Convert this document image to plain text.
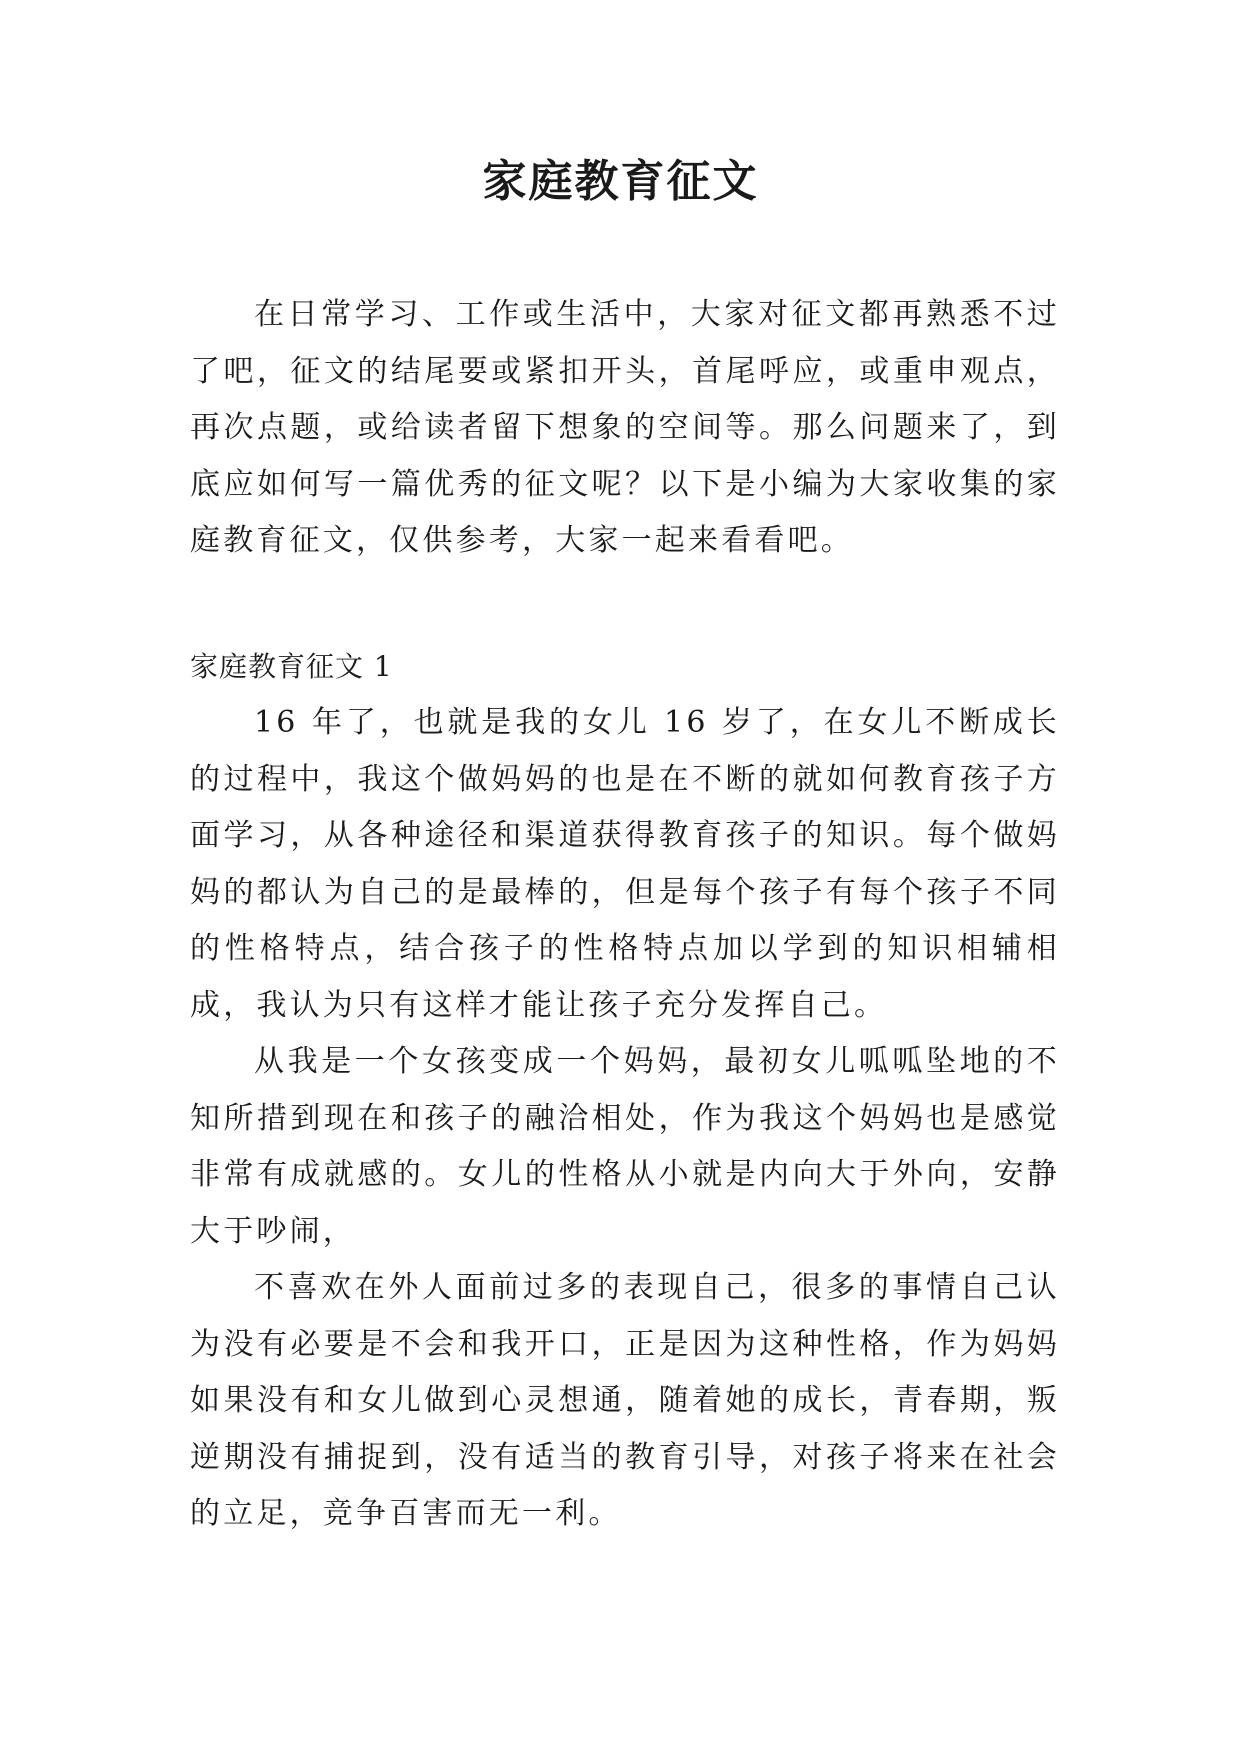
家庭教育征文

在日常学习、工作或生活中，大家对征文都再熟悉不过了吧，征文的结尾要或紧扣开头，首尾呼应，或重申观点，再次点题，或给读者留下想象的空间等。那么问题来了，到底应如何写一篇优秀的征文呢？以下是小编为大家收集的家庭教育征文，仅供参考，大家一起来看看吧。

家庭教育征文 1

16 年了，也就是我的女儿 16 岁了，在女儿不断成长的过程中，我这个做妈妈的也是在不断的就如何教育孩子方面学习，从各种途径和渠道获得教育孩子的知识。每个做妈妈的都认为自己的是最棒的，但是每个孩子有每个孩子不同的性格特点，结合孩子的性格特点加以学到的知识相辅相成，我认为只有这样才能让孩子充分发挥自己。

从我是一个女孩变成一个妈妈，最初女儿呱呱坠地的不知所措到现在和孩子的融洽相处，作为我这个妈妈也是感觉非常有成就感的。女儿的性格从小就是内向大于外向，安静大于吵闹，

不喜欢在外人面前过多的表现自己，很多的事情自己认为没有必要是不会和我开口，正是因为这种性格，作为妈妈如果没有和女儿做到心灵想通，随着她的成长，青春期，叛逆期没有捕捉到，没有适当的教育引导，对孩子将来在社会的立足，竞争百害而无一利。
